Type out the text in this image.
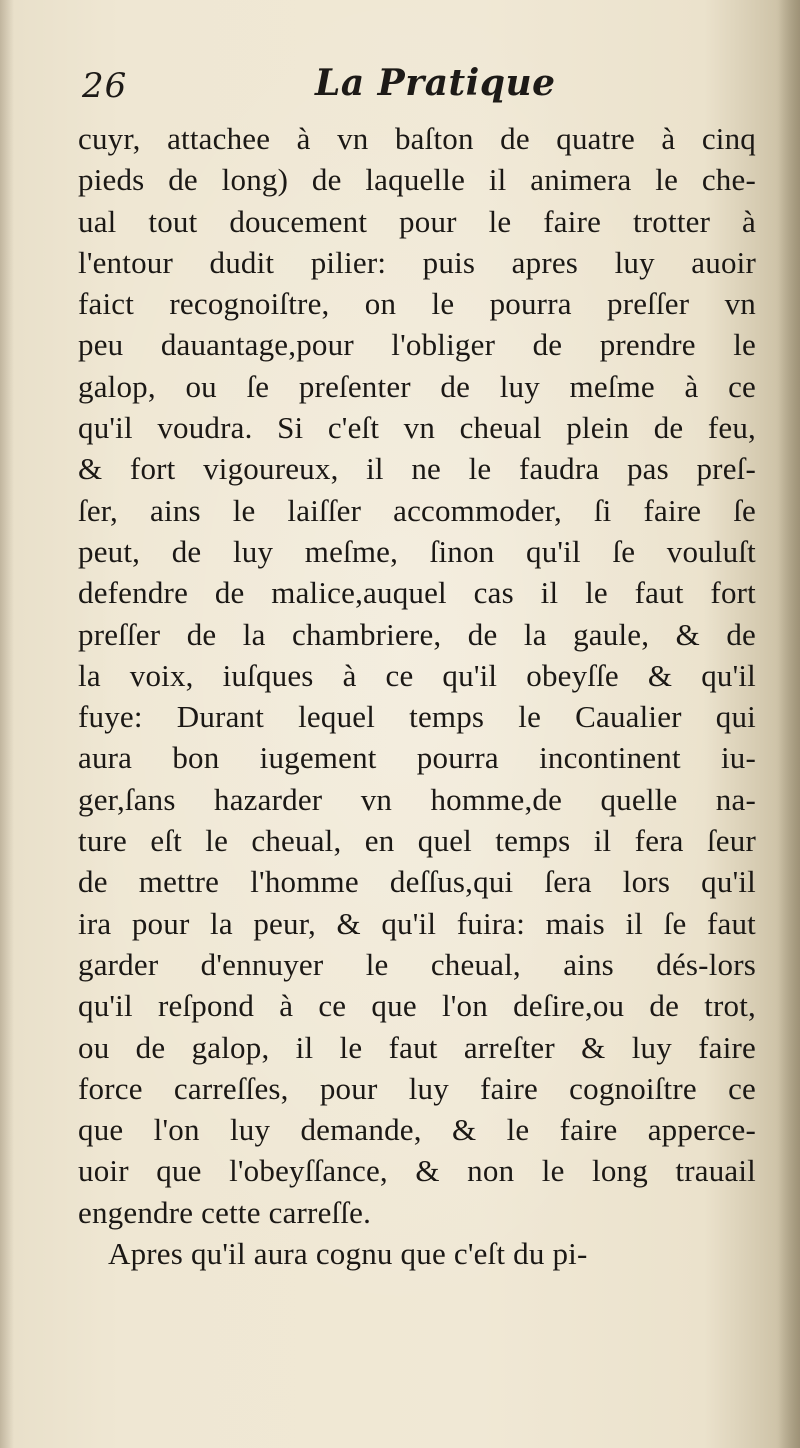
26	La Pratique
cuyr, attachee à vn baſton de quatre à cinq
pieds de long) de laquelle il animera le che-
ual tout doucement pour le faire trotter à
l'entour dudit pilier: puis apres luy auoir
faict recognoiſtre, on le pourra preſſer vn
peu dauantage,pour l'obliger de prendre le
galop, ou ſe preſenter de luy meſme à ce
qu'il voudra. Si c'eſt vn cheual plein de feu,
& fort vigoureux, il ne le faudra pas preſ-
ſer, ains le laiſſer accommoder, ſi faire ſe
peut, de luy meſme, ſinon qu'il ſe vouluſt
defendre de malice,auquel cas il le faut fort
preſſer de la chambriere, de la gaule, & de
la voix, iuſques à ce qu'il obeyſſe & qu'il
fuye: Durant lequel temps le Caualier qui
aura bon iugement pourra incontinent iu-
ger,ſans hazarder vn homme,de quelle na-
ture eſt le cheual, en quel temps il fera ſeur
de mettre l'homme deſſus,qui ſera lors qu'il
ira pour la peur, & qu'il fuira: mais il ſe faut
garder d'ennuyer le cheual, ains dés-lors
qu'il reſpond à ce que l'on deſire,ou de trot,
ou de galop, il le faut arreſter & luy faire
force carreſſes, pour luy faire cognoiſtre ce
que l'on luy demande, & le faire apperce-
uoir que l'obeyſſance, & non le long trauail
engendre cette carreſſe.
Apres qu'il aura cognu que c'eſt du pi-
